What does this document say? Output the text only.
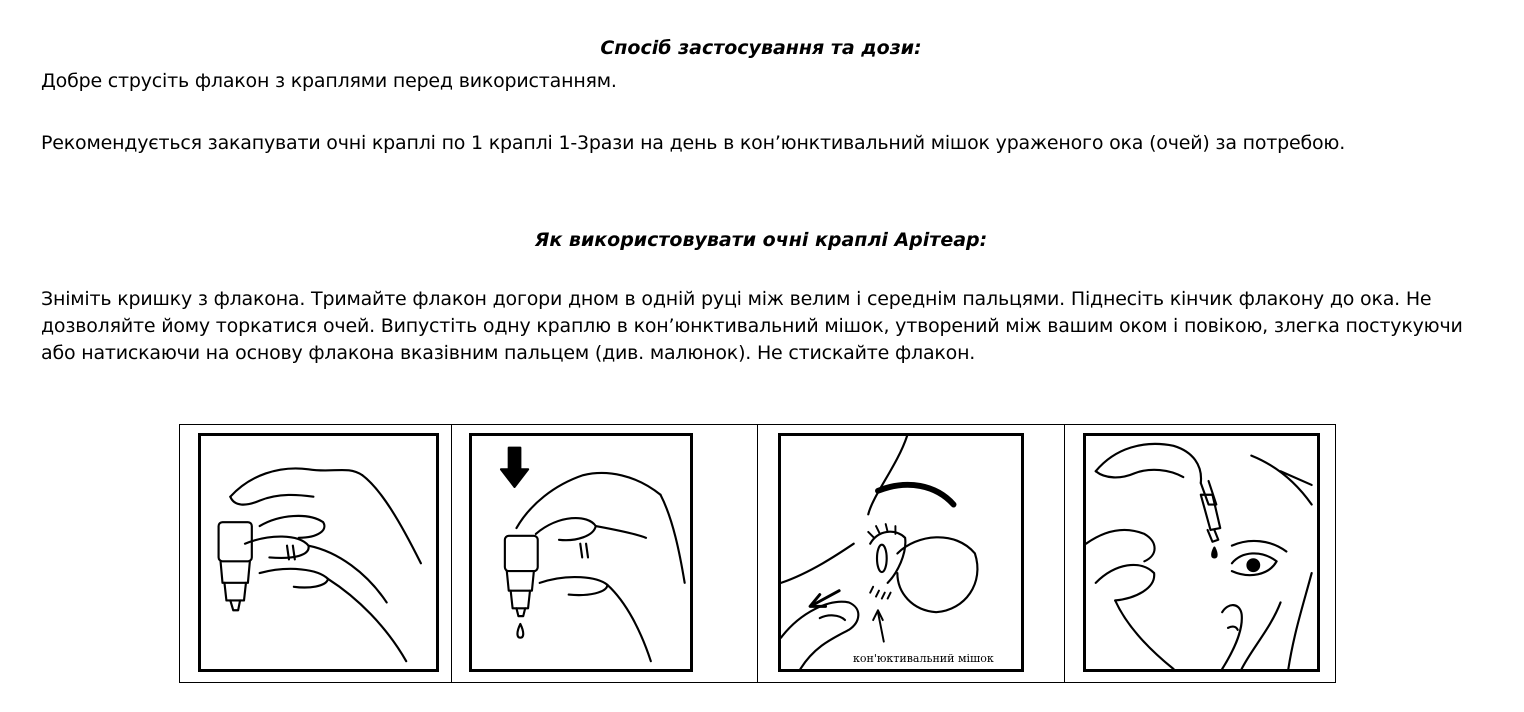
Спосіб застосування та дози:

Добре струсіть флакон з краплями перед використанням.

Рекомендується закапувати очні краплі по 1 краплі 1-3рази на день в кон’юнктивальний мішок ураженого ока (очей) за потребою.

Як використовувати очні краплі Арітеар:

Зніміть кришку з флакона. Тримайте флакон догори дном в одній руці між велим і середнім пальцями. Піднесіть кінчик флакону до ока. Не дозволяйте йому торкатися очей. Випустіть одну краплю в кон’юнктивальний мішок, утворений між вашим оком і повікою, злегка постукуючи або натискаючи на основу флакона вказівним пальцем (див. малюнок). Не стискайте флакон.

кон'юктивальний мішок
